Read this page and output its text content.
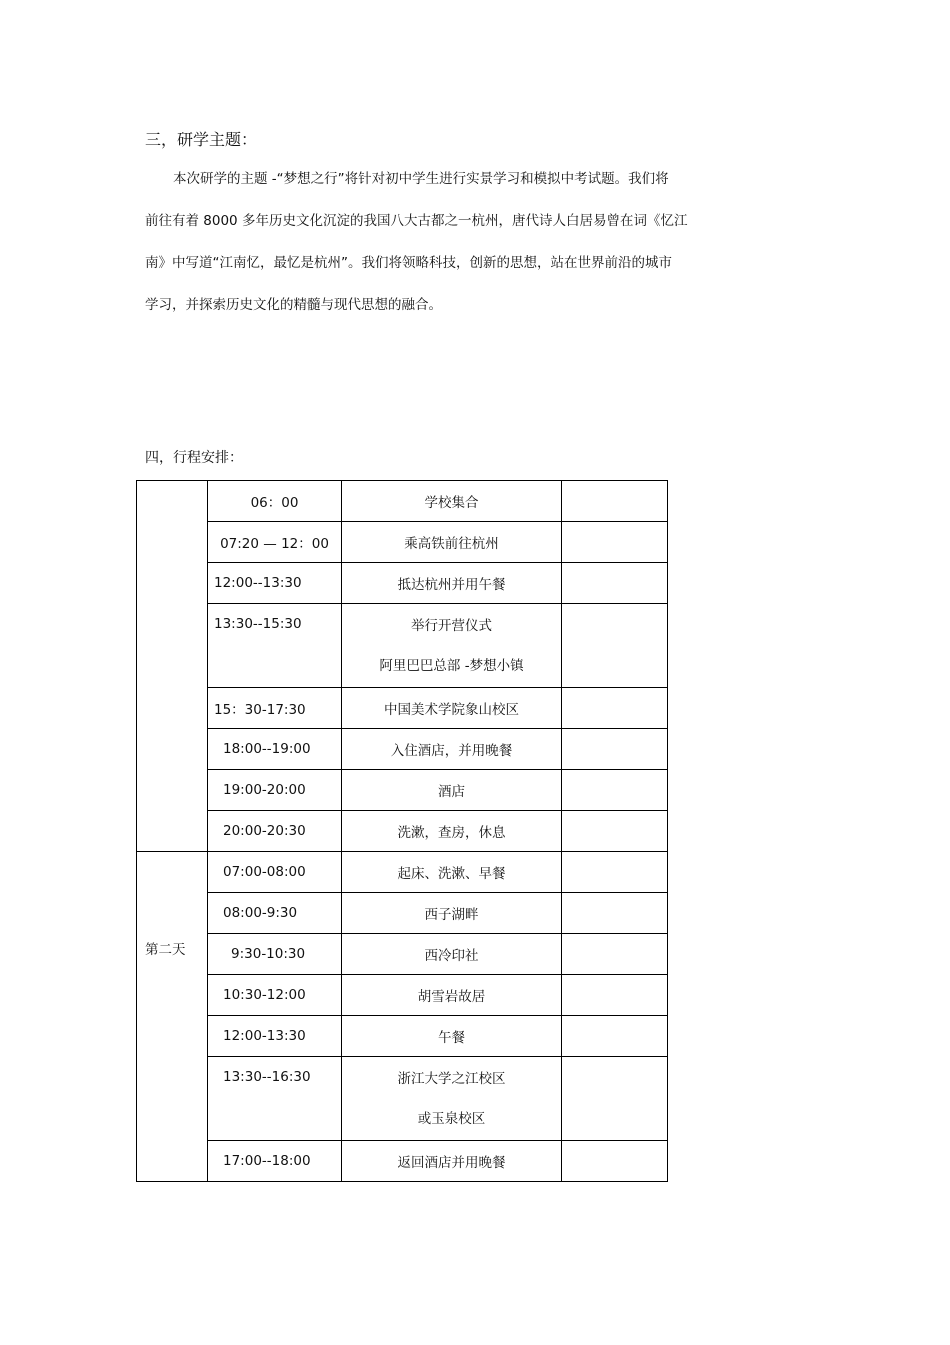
三，研学主题：
本次研学的主题 -“梦想之行”将针对初中学生进行实景学习和模拟中考试题。我们将
前往有着 8000 多年历史文化沉淀的我国八大古都之一杭州，唐代诗人白居易曾在词《忆江
南》中写道“江南忆，最忆是杭州”。我们将领略科技，创新的思想，站在世界前沿的城市
学习，并探索历史文化的精髓与现代思想的融合。
四，行程安排：

	06：00	学校集合	

	07:20 — 12：00	乘高铁前往杭州	

	12:00--13:30	抵达杭州并用午餐	

	13:30--15:30	举行开营仪式
阿里巴巴总部 -梦想小镇	

	15：30-17:30	中国美术学院象山校区	

	18:00--19:00	入住酒店，并用晚餐	

	19:00-20:00	酒店	

	20:00-20:30	洗漱，查房，休息	

第二天	07:00-08:00	起床、洗漱、早餐	

	08:00-9:30	西子湖畔	

	9:30-10:30	西冷印社	

	10:30-12:00	胡雪岩故居	

	12:00-13:30	午餐	

	13:30--16:30	浙江大学之江校区
或玉泉校区	

	17:00--18:00	返回酒店并用晚餐	
